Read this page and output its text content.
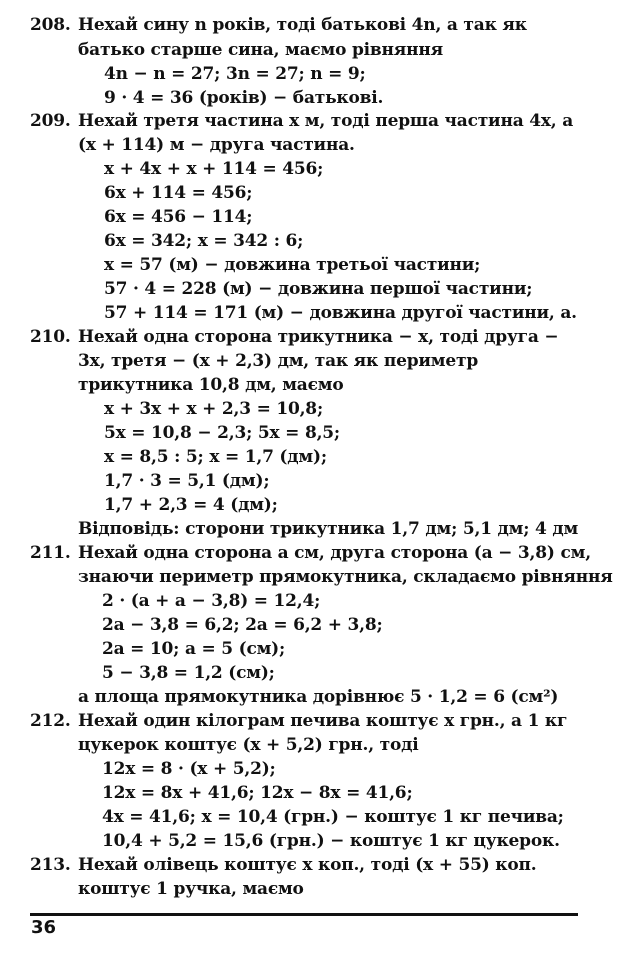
208. Нехай сину n років, тоді батькові 4n, а так як
батько старше сина, маємо рівняння
4n − n = 27; 3n = 27; n = 9;
9 · 4 = 36 (років) − батькові.
209. Нехай третя частина x м, тоді перша частина 4x, а
(x + 114) м − друга частина.
x + 4x + x + 114 = 456;
6x + 114 = 456;
6x = 456 − 114;
6x = 342; x = 342 : 6;
x = 57 (м) − довжина третьої частини;
57 · 4 = 228 (м) − довжина першої частини;
57 + 114 = 171 (м) − довжина другої частини, а.
210. Нехай одна сторона трикутника − x, тоді друга −
3x, третя − (x + 2,3) дм, так як периметр
трикутника 10,8 дм, маємо
x + 3x + x + 2,3 = 10,8;
5x = 10,8 − 2,3; 5x = 8,5;
x = 8,5 : 5; x = 1,7 (дм);
1,7 · 3 = 5,1 (дм);
1,7 + 2,3 = 4 (дм);
Відповідь: сторони трикутника 1,7 дм; 5,1 дм; 4 дм
211. Нехай одна сторона а см, друга сторона (а − 3,8) см,
знаючи периметр прямокутника, складаємо рівняння
2 · (а + а − 3,8) = 12,4;
2а − 3,8 = 6,2; 2а = 6,2 + 3,8;
2а = 10; а = 5 (см);
5 − 3,8 = 1,2 (см);
а площа прямокутника дорівнює 5 · 1,2 = 6 (см²)
212. Нехай один кілограм печива коштує x грн., а 1 кг
цукерок коштує (x + 5,2) грн., тоді
12x = 8 · (x + 5,2);
12x = 8x + 41,6; 12x − 8x = 41,6;
4x = 41,6; x = 10,4 (грн.) − коштує 1 кг печива;
10,4 + 5,2 = 15,6 (грн.) − коштує 1 кг цукерок.
213. Нехай олівець коштує x коп., тоді (x + 55) коп.
коштує 1 ручка, маємо
36
